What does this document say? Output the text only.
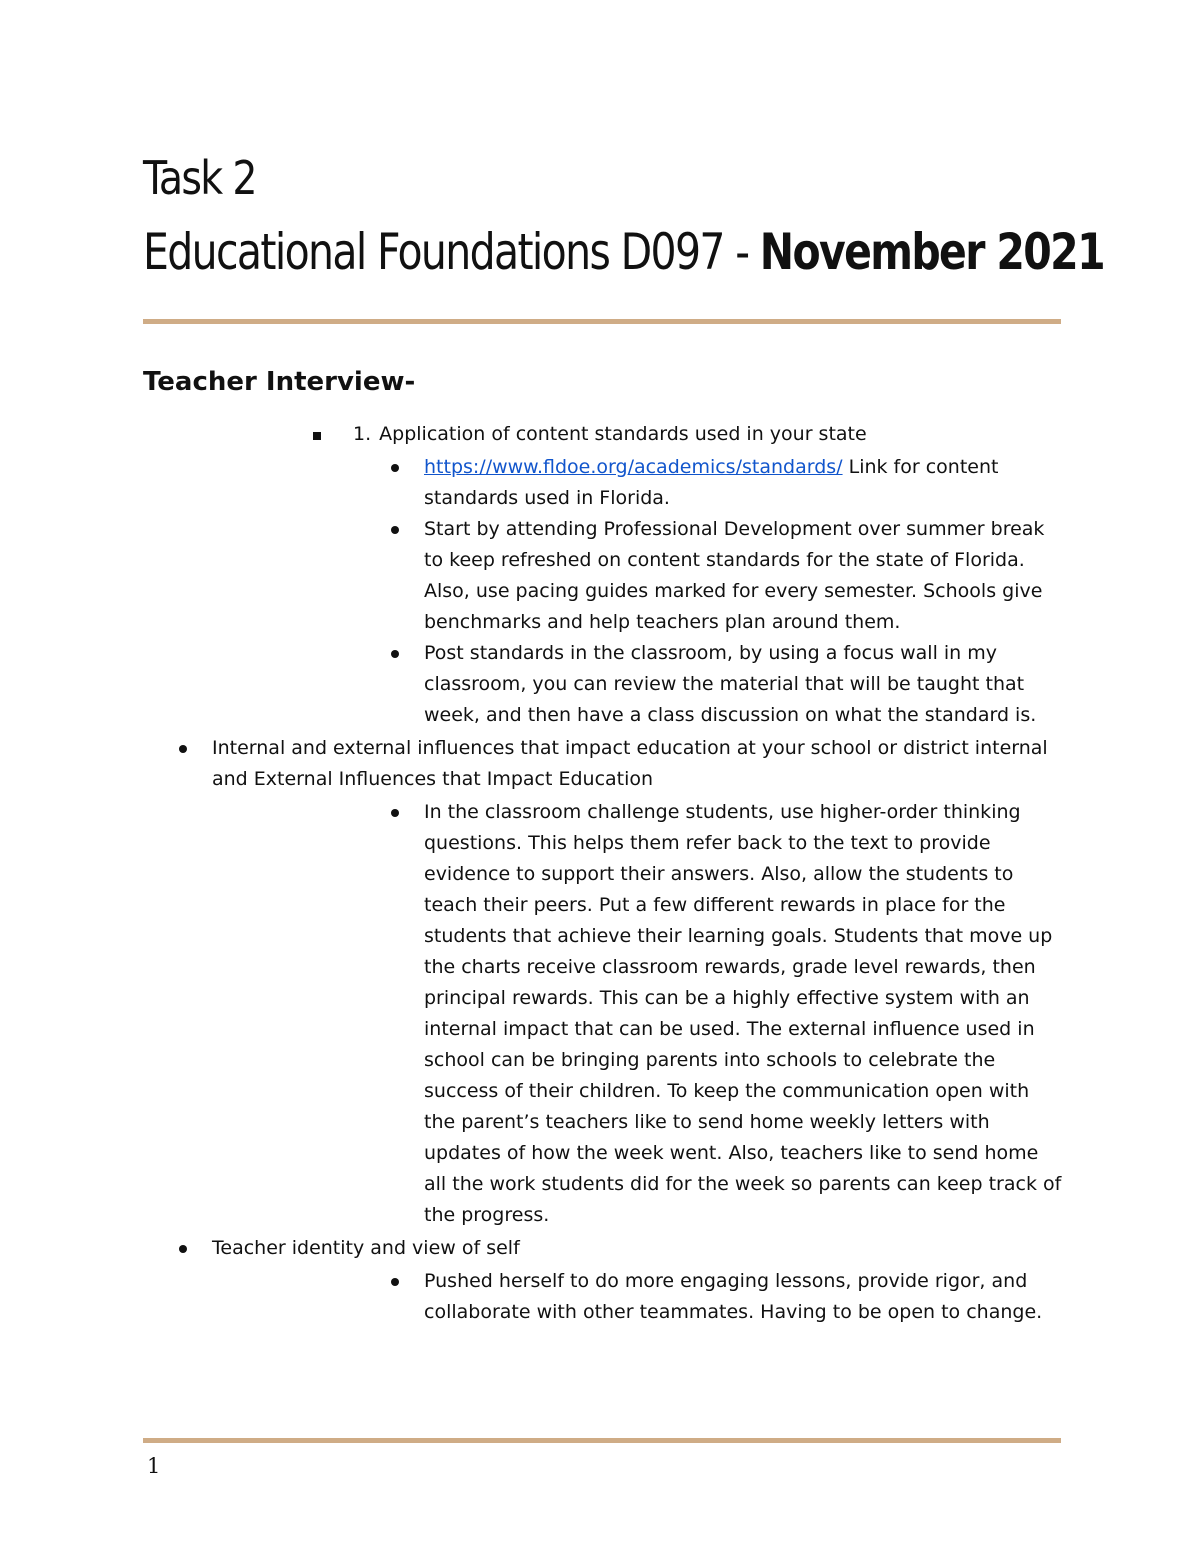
Task 2
Educational Foundations D097 - November 2021
Teacher Interview-
1. Application of content standards used in your state
https://www.fldoe.org/academics/standards/ Link for content standards used in Florida.
Start by attending Professional Development over summer break to keep refreshed on content standards for the state of Florida. Also, use pacing guides marked for every semester. Schools give benchmarks and help teachers plan around them.
Post standards in the classroom, by using a focus wall in my classroom, you can review the material that will be taught that week, and then have a class discussion on what the standard is.
Internal and external influences that impact education at your school or district internal and External Influences that Impact Education
In the classroom challenge students, use higher-order thinking questions. This helps them refer back to the text to provide evidence to support their answers. Also, allow the students to teach their peers. Put a few different rewards in place for the students that achieve their learning goals. Students that move up the charts receive classroom rewards, grade level rewards, then principal rewards. This can be a highly effective system with an internal impact that can be used. The external influence used in school can be bringing parents into schools to celebrate the success of their children. To keep the communication open with the parent’s teachers like to send home weekly letters with updates of how the week went. Also, teachers like to send home all the work students did for the week so parents can keep track of the progress.
Teacher identity and view of self
Pushed herself to do more engaging lessons, provide rigor, and collaborate with other teammates. Having to be open to change.
1
